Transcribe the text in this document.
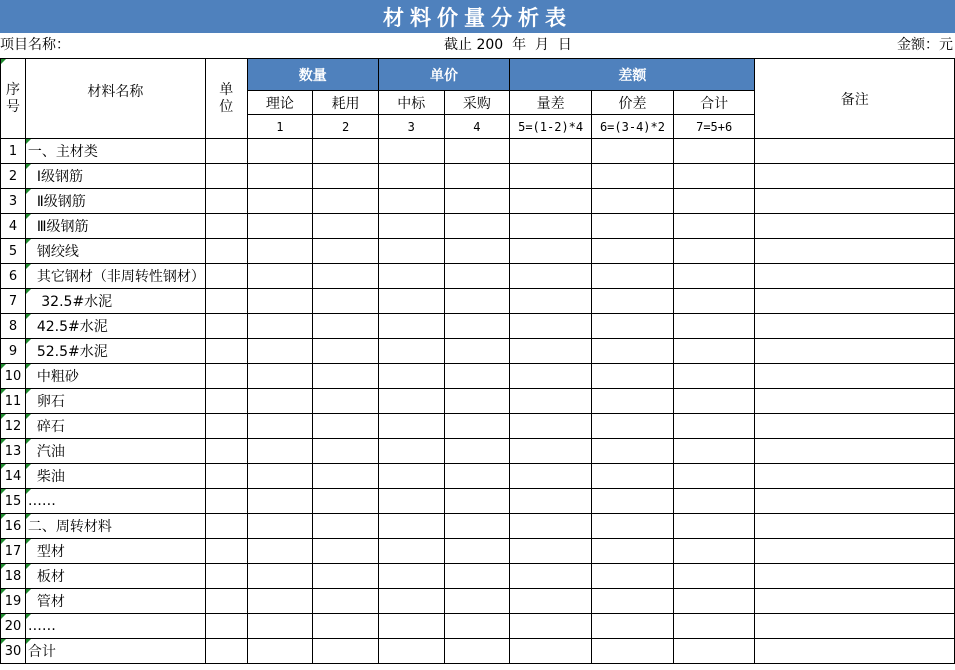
材料价量分析表
项目名称：	截止 200  年  月  日	金额：元
序号	材料名称	单位	数量		单价		差额			备注
			理论	耗用	中标	采购	量差	价差	合计	
			1	2	3	4	5=(1-2)*4	6=(3-4)*2	7=5+6	
1	一、主材类									
2	Ⅰ级钢筋									
3	Ⅱ级钢筋									
4	Ⅲ级钢筋									
5	钢绞线									
6	其它钢材（非周转性钢材）									
7	32.5#水泥									
8	42.5#水泥									
9	52.5#水泥									
10	中粗砂									
11	卵石									
12	碎石									
13	汽油									
14	柴油									
15	……									
16	二、周转材料									
17	型材									
18	板材									
19	管材									
20	……									
30	合计									
